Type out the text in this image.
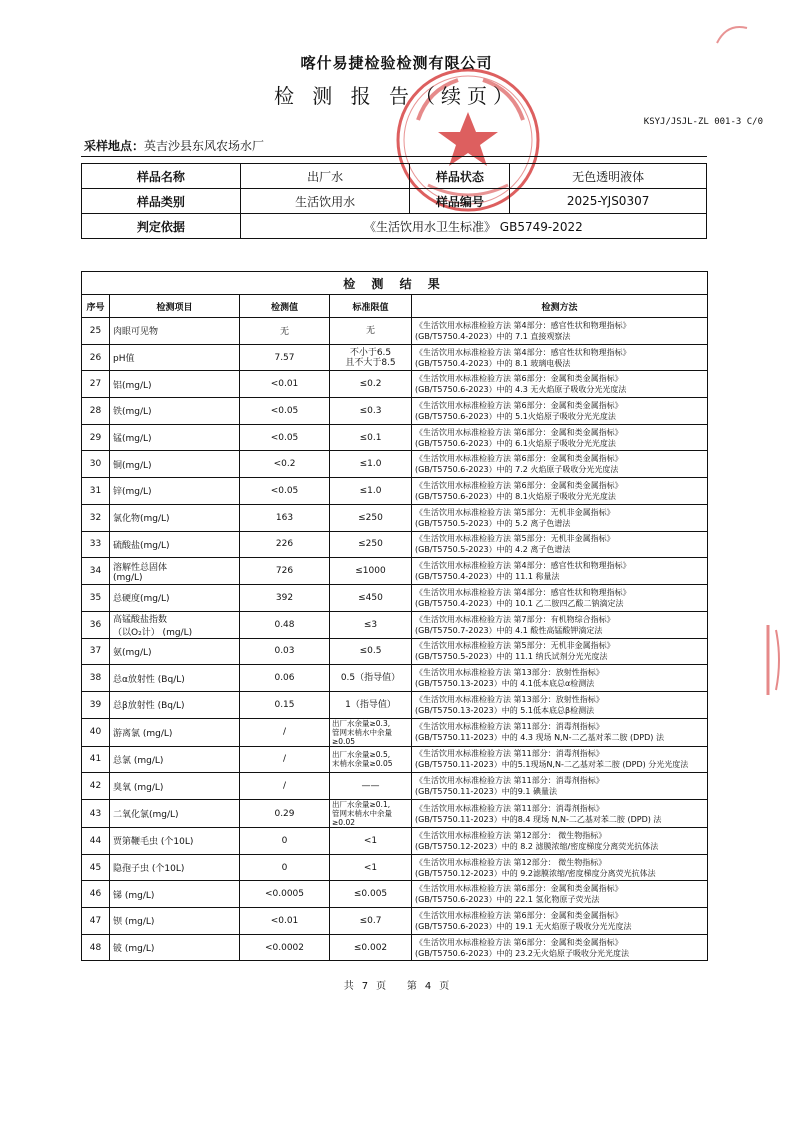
喀什易捷检验检测有限公司
检 测 报 告（续页）
KSYJ/JSJL-ZL 001-3 C/0
采样地点：英吉沙县东风农场水厂
样品名称	出厂水	样品状态	无色透明液体
样品类别	生活饮用水	样品编号	2025-YJS0307
判定依据	《生活饮用水卫生标准》 GB5749-2022		
检 测 结 果				
序号	检测项目	检测值	标准限值	检测方法
25	肉眼可见物	无	无	《生活饮用水标准检验方法 第4部分：感官性状和物理指标》
(GB/T5750.4-2023）中的 7.1 直接观察法

26	pH值	7.57	不小于6.5
且不大于8.5	《生活饮用水标准检验方法 第4部分：感官性状和物理指标》
(GB/T5750.4-2023）中的 8.1 玻璃电极法

27	铝(mg/L)	<0.01	≤0.2	《生活饮用水标准检验方法 第6部分：金属和类金属指标》
(GB/T5750.6-2023）中的 4.3 无火焰原子吸收分光光度法

28	铁(mg/L)	<0.05	≤0.3	《生活饮用水标准检验方法 第6部分：金属和类金属指标》
(GB/T5750.6-2023）中的 5.1火焰原子吸收分光光度法

29	锰(mg/L)	<0.05	≤0.1	《生活饮用水标准检验方法 第6部分：金属和类金属指标》
(GB/T5750.6-2023）中的 6.1火焰原子吸收分光光度法

30	铜(mg/L)	<0.2	≤1.0	《生活饮用水标准检验方法 第6部分：金属和类金属指标》
(GB/T5750.6-2023）中的 7.2 火焰原子吸收分光光度法

31	锌(mg/L)	<0.05	≤1.0	《生活饮用水标准检验方法 第6部分：金属和类金属指标》
(GB/T5750.6-2023）中的 8.1火焰原子吸收分光光度法

32	氯化物(mg/L)	163	≤250	《生活饮用水标准检验方法 第5部分：无机非金属指标》
(GB/T5750.5-2023）中的 5.2 离子色谱法

33	硫酸盐(mg/L)	226	≤250	《生活饮用水标准检验方法 第5部分：无机非金属指标》
(GB/T5750.5-2023）中的 4.2 离子色谱法

34	溶解性总固体
(mg/L)	726	≤1000	《生活饮用水标准检验方法 第4部分：感官性状和物理指标》
(GB/T5750.4-2023）中的 11.1 称量法

35	总硬度(mg/L)	392	≤450	《生活饮用水标准检验方法 第4部分：感官性状和物理指标》
(GB/T5750.4-2023）中的 10.1 乙二胺四乙酸二钠滴定法

36	高锰酸盐指数
（以O₂计） (mg/L)	0.48	≤3	《生活饮用水标准检验方法 第7部分：有机物综合指标》
(GB/T5750.7-2023）中的 4.1 酸性高锰酸钾滴定法

37	氨(mg/L)	0.03	≤0.5	《生活饮用水标准检验方法 第5部分：无机非金属指标》
(GB/T5750.5-2023）中的 11.1 纳氏试剂分光光度法

38	总α放射性 (Bq/L)	0.06	0.5（指导值）	《生活饮用水标准检验方法 第13部分：放射性指标》
(GB/T5750.13-2023）中的 4.1低本底总α检测法

39	总β放射性 (Bq/L)	0.15	1（指导值）	《生活饮用水标准检验方法 第13部分：放射性指标》
(GB/T5750.13-2023）中的 5.1低本底总β检测法

40	游离氯 (mg/L)	/	出厂水余量≥0.3,
管网末梢水中余量≥0.05	《生活饮用水标准检验方法 第11部分：消毒剂指标》
(GB/T5750.11-2023）中的 4.3 现场 N,N-二乙基对苯二胺 (DPD) 法

41	总氯 (mg/L)	/	出厂水余量≥0.5,
末梢水余量≥0.05	《生活饮用水标准检验方法 第11部分：消毒剂指标》
(GB/T5750.11-2023）中的5.1现场N,N-二乙基对苯二胺 (DPD) 分光光度法

42	臭氧 (mg/L)	/	——	《生活饮用水标准检验方法 第11部分：消毒剂指标》
(GB/T5750.11-2023）中的9.1 碘量法

43	二氧化氯(mg/L)	0.29	出厂水余量≥0.1,
管网末梢水中余量≥0.02	《生活饮用水标准检验方法 第11部分：消毒剂指标》
(GB/T5750.11-2023）中的8.4 现场 N,N-二乙基对苯二胺 (DPD) 法

44	贾第鞭毛虫 (个10L)	0	<1	《生活饮用水标准检验方法 第12部分： 微生物指标》
(GB/T5750.12-2023）中的 8.2 滤膜浓缩/密度梯度分离荧光抗体法

45	隐孢子虫 (个10L)	0	<1	《生活饮用水标准检验方法 第12部分： 微生物指标》
(GB/T5750.12-2023）中的 9.2滤膜浓缩/密度梯度分离荧光抗体法

46	锑 (mg/L)	<0.0005	≤0.005	《生活饮用水标准检验方法 第6部分：金属和类金属指标》
(GB/T5750.6-2023）中的 22.1 氢化物原子荧光法

47	钡 (mg/L)	<0.01	≤0.7	《生活饮用水标准检验方法 第6部分：金属和类金属指标》
(GB/T5750.6-2023）中的 19.1 无火焰原子吸收分光光度法

48	铍 (mg/L)	<0.0002	≤0.002	《生活饮用水标准检验方法 第6部分：金属和类金属指标》
(GB/T5750.6-2023）中的 23.2无火焰原子吸收分光光度法
共 7 页 第 4 页
